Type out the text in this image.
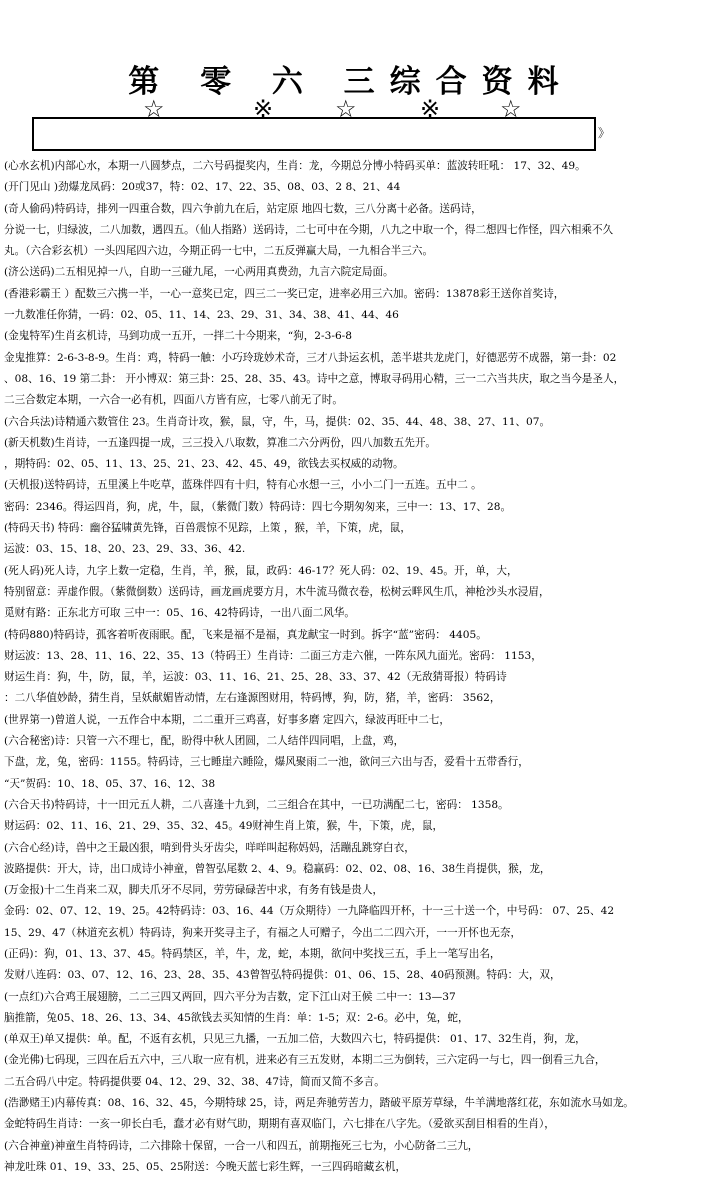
第 零 六 三综合资料
☆	※	☆	※ ☆
》
(心水玄机)内部心水，本期一八圆梦点，二六号码提奖内，生肖：龙，今期总分博小特码买单：蓝波转旺吼： 17、32、49。
(开门见山 )劲爆龙凤码：20或37，特：02、17、22、35、08、03、2 8、21、44
(奇人偷码)特码诗，排列一四重合数，四六争前九在后，站定原 地四七数，三八分离十必备。送码诗，
分说一七，归绿波，二八加数，遇四五。（仙人指路）送码诗，二七可中在今期，八九之中取一个，得二想四七作怪，四六相乘不久
丸。（六合彩玄机）一头四尾四六边，今期正码一七中，二五反弹赢大局，一九相合半三六。
(济公送码)二五相见掉一八，自助一三碰九尾，一心两用真费劲，九言六院定局面。
(香港彩霸王 ）配数三六携一半，一心一意奖已定，四三二一奖已定，进率必用三六加。密码：13878彩王送你首奖诗，
一九数准任你猜，一码：02、05、11、14、23、29、31、34、38、41、44、46
(金鬼特军)生肖玄机诗，马到功成一五开，一拌二十今期来，“狗，2-3-6-8
金鬼推算：2-6-3-8-9。生肖：鸡，特码一触：小巧玲珑妙术奇，三才八卦运玄机，恙半堪共龙虎门，好德恶劳不成器，第一卦：02
、08、16、19 第二卦： 开小博双：第三卦：25、28、35、43。诗中之意，博取寻码用心精，三一二六当共庆，取之当今是圣人，
二三合数定本期，一六合一必有机，四面八方皆有应，七零八前无了时。
(六合兵法)诗精通六数管住 23。生肖奇计攻，猴，鼠，守，牛，马，提供：02、35、44、48、38、27、11、07。
(新天机数)生肖诗，一五逢四提一成，三三投入八取数，算准二六分两份，四八加数五先开。
，期特码：02、05、11、13、25、21、23、42、45、49，欲钱去买权威的动物。
(天机报)送特码诗，五里溪上牛吃草，蓝珠伴四有十归，特有心水想一三，小小二门一五连。五中二 。
密码：2346。得运四肖，狗，虎，牛，鼠，（紫微门数）特码诗：四七今期匆匆来，三中一：13、17、28。
(特码天书) 特码：幽谷猛啸黄先锋，百兽震惊不见踪，上策 ，猴，羊，下策，虎，鼠，
运波：03、15、18、20、23、29、33、36、42.
(死人码)死人诗，九字上数一定稳，生肖，羊，猴，鼠，政码：46-17？死人码：02、19、45。开，单，大，
特别留意：弄虚作假。（紫微倒数）送码诗，画龙画虎要方月，木牛流马微衣卷，松树云畔风生爪，神枪沙头水浸眉，
觅财有路：正东北方可取 三中一：05、16、42特码诗，一出八面二风华。
(特码880)特码诗，孤客着听夜雨眠。配，飞来是福不是福，真龙献宝一时到。拆字“蓝”密码： 4405。
财运波：13、28、11、16、22、35、13（特码王）生肖诗：二面三方走六催，一阵东风九面光。密码： 1153，
财运生肖：狗，牛，防，鼠，羊，运波：03、11、16、21、25、28、33、37、42（无敌猜哥报）特码诗
：二八华值妙龄，猜生肖，呈妖献媚皆动情，左右逢源图财用，特码博，狗，防，猪，羊，密码： 3562，
(世界第一)曾道人说，一五作合中本期，二二重开三鸡喜，好事多磨 定四六，绿波再旺中二七，
(六合秘密)诗：只管一六不理七，配，盼得中秋人团圆，二人结伴四同唱，上盘，鸡，
下盘，龙，兔，密码：1155。特码诗，三七睡崖六睡险，爆风聚雨二一池，欲问三六出与否，爱看十五带香行，
“天”贺码：10、18、05、37、16、12、38
(六合天书)特码诗，十一田元五人耕，二八喜逢十九到，二三组合在其中，一已功满配二七，密码： 1358。
财运码：02、11、16、21、29、35、32、45。49财神生肖上策，猴，牛，下策，虎，鼠，
(六合心经)诗，兽中之王最凶狠，啃到骨头牙齿尖，咩咩叫起称妈妈，活蹦乱跳穿白衣，
波路提供：开大，诗，出口成诗小神童，曾智弘尾数 2、4、9。稳赢码：02、02、08、16、38生肖提供，猴，龙，
(万金报)十二生肖来二双，脚夫爪牙不尽同，劳劳碌碌苦中求，有务有钱是贵人，
金码：02、07、12、19、25。42特码诗：03、16、44（万众期待）一九降临四开杯，十一三十送一个，中号码： 07、25、42
15、29、47（林道充玄机）特码诗，狗来开奖寻主子，有福之人可赠子，今出二二四六开，一一开怀也无奈，
(正码)：狗，01、13、37、45。特码禁区，羊，牛，龙，蛇，本期，欲问中奖找三五，手上一笔写出名，
发财八连码：03、07、12、16、23、28、35、43曾智弘特码提供：01、06、15、28、40码预测。特码：大，双，
(一点红)六合鸡王展翅膀，二二三四又两回，四六平分为吉数，定下江山对王候 二中一：13—37
脑推箭，兔05、18、26、13、34、45欲钱去买知情的生肖：单：1-5；双：2-6。必中，兔，蛇，
(单双王)单又提供：单。配，不返有玄机，只见三九播，一五加二倍，大数四六七，特码提供： 01、17、32生肖，狗，龙，
(金光佛)七码现，三四在后五六中，三八取一应有机，进来必有三五发财，本期二三为倒转，三六定码一与七，四一倒看三九合，
二五合码八中定。特码提供要 04、12、29、32、38、47诗，简而又简不多言。
(浩渺赌王)内幕传真：08、16、32、45，今期特球 25，诗，两足奔驰劳苦力，踏破平原芳草绿，牛羊满地落红花，东如流水马如龙。
金蛇特码生肖诗：一亥一卯长白毛，蠢才必有财气助，期期有喜双临门，六七排在八字先。（爱欲买刮目相看的生肖），
(六合神童)神童生肖特码诗，二六排除十保留，一合一八和四五，前期拖死三七为，小心防备二三九，
神龙吐珠 01、19、33、25、05、25附送：今晚天蓝七彩生辉，一三四码暗藏玄机，
